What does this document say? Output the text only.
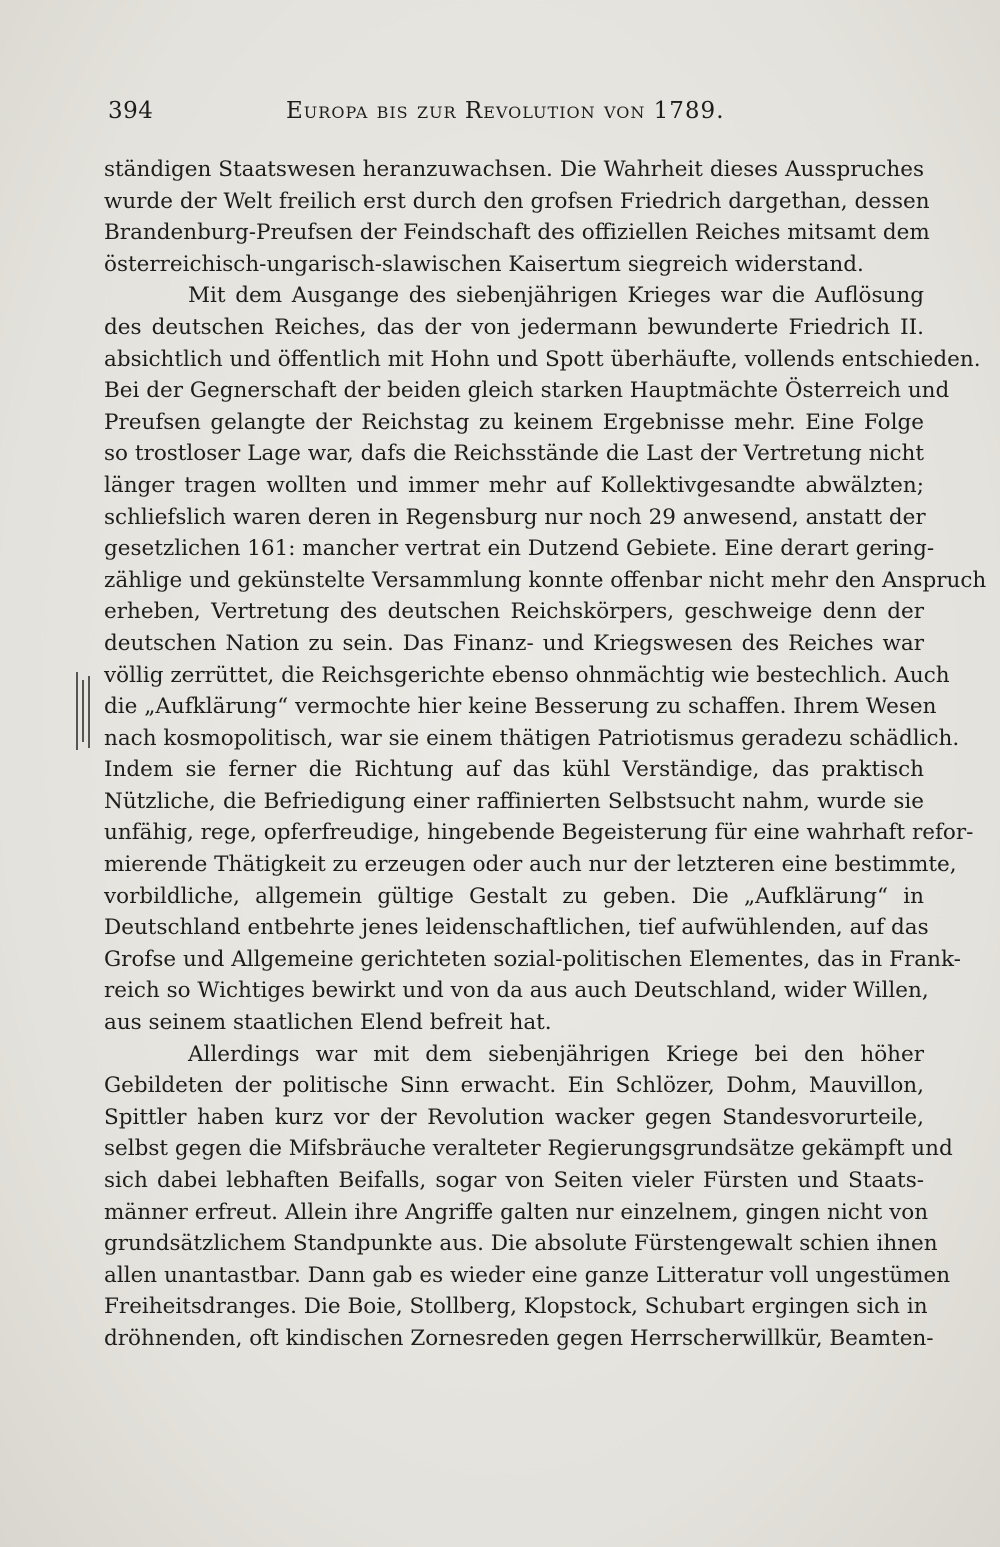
394	Europa bis zur Revolution von 1789.
ständigen Staatswesen heranzuwachsen. Die Wahrheit dieses Ausspruches
wurde der Welt freilich erst durch den grofsen Friedrich dargethan, dessen
Brandenburg-Preufsen der Feindschaft des offiziellen Reiches mitsamt dem
österreichisch-ungarisch-slawischen Kaisertum siegreich widerstand.
Mit dem Ausgange des siebenjährigen Krieges war die Auflösung
des deutschen Reiches, das der von jedermann bewunderte Friedrich II.
absichtlich und öffentlich mit Hohn und Spott überhäufte, vollends entschieden.
Bei der Gegnerschaft der beiden gleich starken Hauptmächte Österreich und
Preufsen gelangte der Reichstag zu keinem Ergebnisse mehr. Eine Folge
so trostloser Lage war, dafs die Reichsstände die Last der Vertretung nicht
länger tragen wollten und immer mehr auf Kollektivgesandte abwälzten;
schliefslich waren deren in Regensburg nur noch 29 anwesend, anstatt der
gesetzlichen 161: mancher vertrat ein Dutzend Gebiete. Eine derart gering-
zählige und gekünstelte Versammlung konnte offenbar nicht mehr den Anspruch
erheben, Vertretung des deutschen Reichskörpers, geschweige denn der
deutschen Nation zu sein. Das Finanz- und Kriegswesen des Reiches war
völlig zerrüttet, die Reichsgerichte ebenso ohnmächtig wie bestechlich. Auch
die „Aufklärung“ vermochte hier keine Besserung zu schaffen. Ihrem Wesen
nach kosmopolitisch, war sie einem thätigen Patriotismus geradezu schädlich.
Indem sie ferner die Richtung auf das kühl Verständige, das praktisch
Nützliche, die Befriedigung einer raffinierten Selbstsucht nahm, wurde sie
unfähig, rege, opferfreudige, hingebende Begeisterung für eine wahrhaft refor-
mierende Thätigkeit zu erzeugen oder auch nur der letzteren eine bestimmte,
vorbildliche, allgemein gültige Gestalt zu geben. Die „Aufklärung“ in
Deutschland entbehrte jenes leidenschaftlichen, tief aufwühlenden, auf das
Grofse und Allgemeine gerichteten sozial-politischen Elementes, das in Frank-
reich so Wichtiges bewirkt und von da aus auch Deutschland, wider Willen,
aus seinem staatlichen Elend befreit hat.
Allerdings war mit dem siebenjährigen Kriege bei den höher
Gebildeten der politische Sinn erwacht. Ein Schlözer, Dohm, Mauvillon,
Spittler haben kurz vor der Revolution wacker gegen Standesvorurteile,
selbst gegen die Mifsbräuche veralteter Regierungsgrundsätze gekämpft und
sich dabei lebhaften Beifalls, sogar von Seiten vieler Fürsten und Staats-
männer erfreut. Allein ihre Angriffe galten nur einzelnem, gingen nicht von
grundsätzlichem Standpunkte aus. Die absolute Fürstengewalt schien ihnen
allen unantastbar. Dann gab es wieder eine ganze Litteratur voll ungestümen
Freiheitsdranges. Die Boie, Stollberg, Klopstock, Schubart ergingen sich in
dröhnenden, oft kindischen Zornesreden gegen Herrscherwillkür, Beamten-
